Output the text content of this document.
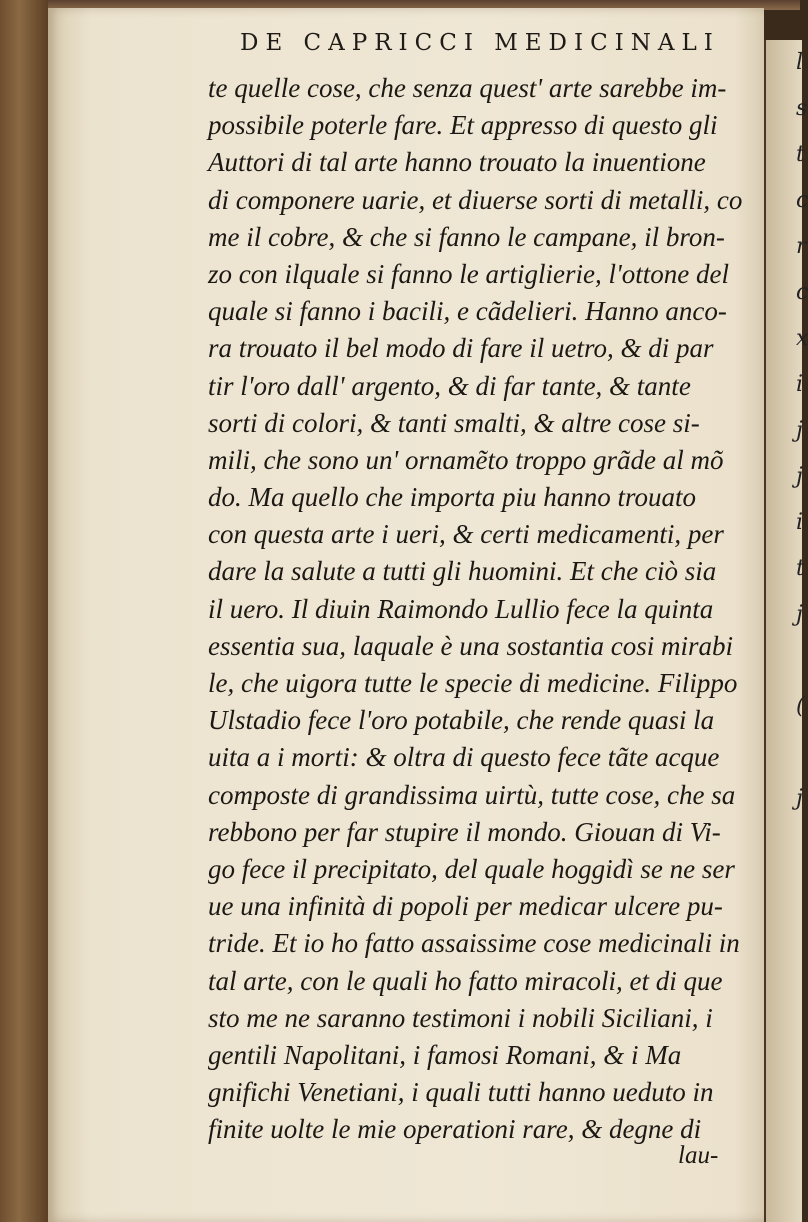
DE CAPRICCI MEDICINALI
te quelle cose, che senza quest' arte sarebbe im-
possibile poterle fare. Et appresso di questo gli
Auttori di tal arte hanno trouato la inuentione
di componere uarie, et diuerse sorti di metalli, co
me il cobre, & che si fanno le campane, il bron-
zo con ilquale si fanno le artiglierie, l'ottone del
quale si fanno i bacili, e cãdelieri. Hanno anco-
ra trouato il bel modo di fare il uetro, & di par
tir l'oro dall' argento, & di far tante, & tante
sorti di colori, & tanti smalti, & altre cose si-
mili, che sono un' ornamẽto troppo grãde al mõ
do. Ma quello che importa piu hanno trouato
con questa arte i ueri, & certi medicamenti, per
dare la salute a tutti gli huomini. Et che ciò sia
il uero. Il diuin Raimondo Lullio fece la quinta
essentia sua, laquale è una sostantia cosi mirabi
le, che uigora tutte le specie di medicine. Filippo
Ulstadio fece l'oro potabile, che rende quasi la
uita a i morti: & oltra di questo fece tãte acque
composte di grandissima uirtù, tutte cose, che sa
rebbono per far stupire il mondo. Giouan di Vi-
go fece il precipitato, del quale hoggidì se ne ser
ue una infinità di popoli per medicar ulcere pu-
tride. Et io ho fatto assaissime cose medicinali in
tal arte, con le quali ho fatto miracoli, et di que
sto me ne saranno testimoni i nobili Siciliani, i
gentili Napolitani, i famosi Romani, & i Ma
gnifichi Venetiani, i quali tutti hanno ueduto in
finite uolte le mie operationi rare, & degne di
lau-
l
s
t
c
r
c
x
i
j
j
i
t
j
(
j
